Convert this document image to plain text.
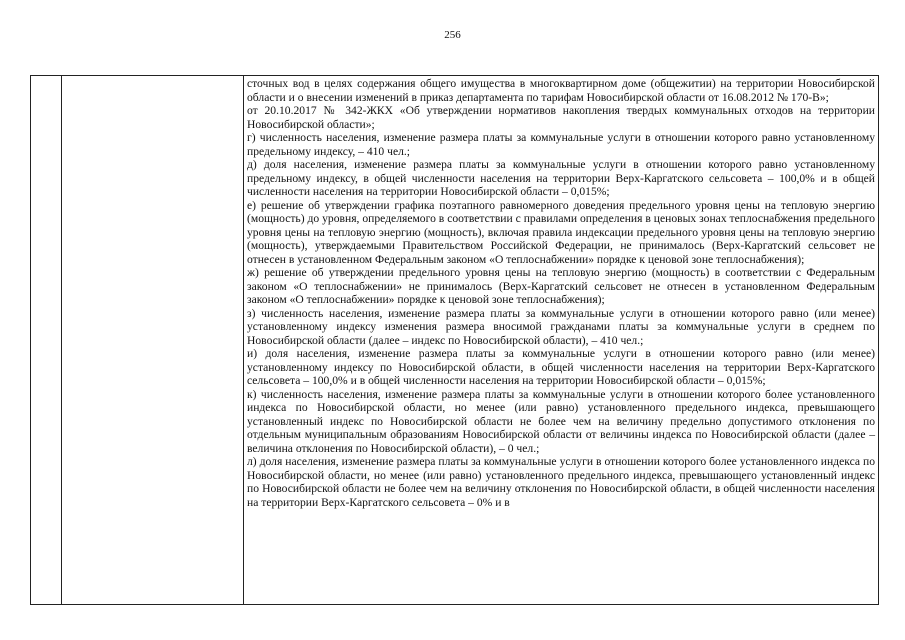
256

сточных вод в целях содержания общего имущества в многоквартирном доме (общежитии) на территории Новосибирской области и о внесении изменений в приказ департамента по тарифам Новосибирской области от 16.08.2012 № 170-В»;

от 20.10.2017 № 342-ЖКХ «Об утверждении нормативов накопления твердых коммунальных отходов на территории Новосибирской области»;

г) численность населения, изменение размера платы за коммунальные услуги в отношении которого равно установленному предельному индексу, – 410 чел.;

д) доля населения, изменение размера платы за коммунальные услуги в отношении которого равно установленному предельному индексу, в общей численности населения на территории Верх-Каргатского сельсовета – 100,0% и в общей численности населения на территории Новосибирской области – 0,015%;

е) решение об утверждении графика поэтапного равномерного доведения предельного уровня цены на тепловую энергию (мощность) до уровня, определяемого в соответствии с правилами определения в ценовых зонах теплоснабжения предельного уровня цены на тепловую энергию (мощность), включая правила индексации предельного уровня цены на тепловую энергию (мощность), утверждаемыми Правительством Российской Федерации, не принималось (Верх-Каргатский сельсовет не отнесен в установленном Федеральным законом «О теплоснабжении» порядке к ценовой зоне теплоснабжения);

ж) решение об утверждении предельного уровня цены на тепловую энергию (мощность) в соответствии с Федеральным законом «О теплоснабжении» не принималось (Верх-Каргатский сельсовет не отнесен в установленном Федеральным законом «О теплоснабжении» порядке к ценовой зоне теплоснабжения);

з) численность населения, изменение размера платы за коммунальные услуги в отношении которого равно (или менее) установленному индексу изменения размера вносимой гражданами платы за коммунальные услуги в среднем по Новосибирской области (далее – индекс по Новосибирской области), – 410 чел.;

и) доля населения, изменение размера платы за коммунальные услуги в отношении которого равно (или менее) установленному индексу по Новосибирской области, в общей численности населения на территории Верх-Каргатского сельсовета – 100,0% и в общей численности населения на территории Новосибирской области – 0,015%;

к) численность населения, изменение размера платы за коммунальные услуги в отношении которого более установленного индекса по Новосибирской области, но менее (или равно) установленного предельного индекса, превышающего установленный индекс по Новосибирской области не более чем на величину предельно допустимого отклонения по отдельным муниципальным образованиям Новосибирской области от величины индекса по Новосибирской области (далее – величина отклонения по Новосибирской области), – 0 чел.;

л) доля населения, изменение размера платы за коммунальные услуги в отношении которого более установленного индекса по Новосибирской области, но менее (или равно) установленного предельного индекса, превышающего установленный индекс по Новосибирской области не более чем на величину отклонения по Новосибирской области, в общей численности населения на территории Верх-Каргатского сельсовета – 0% и в
